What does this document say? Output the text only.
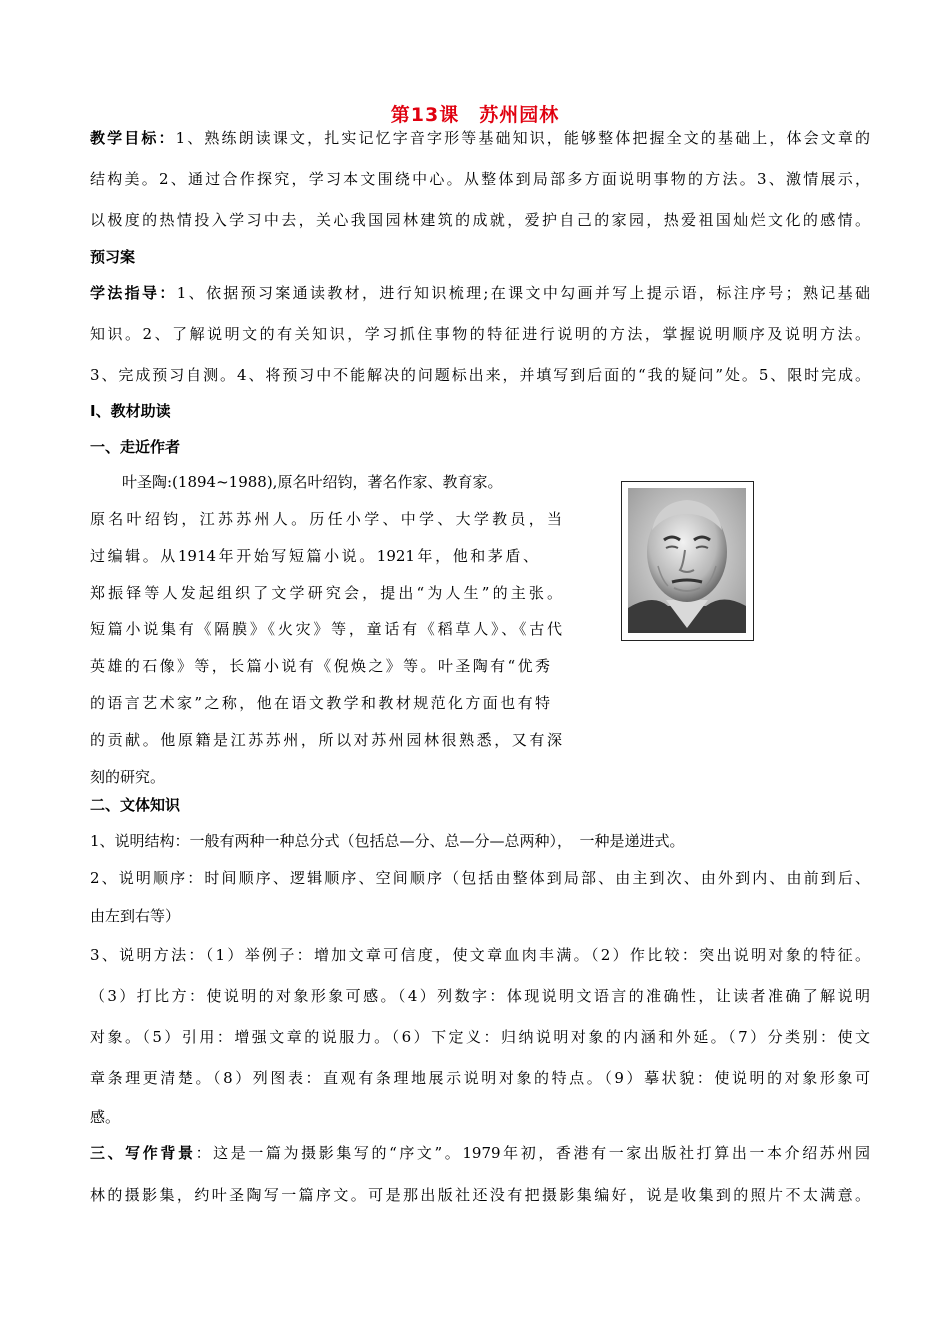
第13课　苏州园林
教学目标：1、熟练朗读课文，扎实记忆字音字形等基础知识，能够整体把握全文的基础上，体会文章的
结构美。2、通过合作探究，学习本文围绕中心。从整体到局部多方面说明事物的方法。3、激情展示，
以极度的热情投入学习中去，关心我国园林建筑的成就，爱护自己的家园，热爱祖国灿烂文化的感情。
预习案
学法指导：1、依据预习案通读教材，进行知识梳理;在课文中勾画并写上提示语，标注序号；熟记基础
知识。2、了解说明文的有关知识，学习抓住事物的特征进行说明的方法，掌握说明顺序及说明方法。
3、完成预习自测。4、将预习中不能解决的问题标出来，并填写到后面的“我的疑问”处。5、限时完成。
Ⅰ、教材助读
一、走近作者
叶圣陶:(1894~1988),原名叶绍钧，著名作家、教育家。
原名叶绍钧，江苏苏州人。历任小学、中学、大学教员，当
过编辑。从1914年开始写短篇小说。1921年，他和茅盾、
郑振铎等人发起组织了文学研究会，提出“为人生”的主张。
短篇小说集有《隔膜》《火灾》等，童话有《稻草人》、《古代
英雄的石像》等，长篇小说有《倪焕之》等。叶圣陶有“优秀
的语言艺术家”之称，他在语文教学和教材规范化方面也有特
的贡献。他原籍是江苏苏州，所以对苏州园林很熟悉，又有深
刻的研究。
二、文体知识
1、说明结构：一般有两种一种总分式（包括总—分、总—分—总两种），　一种是递进式。
2、说明顺序：时间顺序、逻辑顺序、空间顺序（包括由整体到局部、由主到次、由外到内、由前到后、
由左到右等）
3、说明方法：（1）举例子：增加文章可信度，使文章血肉丰满。（2）作比较：突出说明对象的特征。
（3）打比方：使说明的对象形象可感。（4）列数字：体现说明文语言的准确性，让读者准确了解说明
对象。（5）引用：增强文章的说服力。（6）下定义：归纳说明对象的内涵和外延。（7）分类别：使文
章条理更清楚。（8）列图表：直观有条理地展示说明对象的特点。（9）摹状貌：使说明的对象形象可
感。
三、写作背景：这是一篇为摄影集写的“序文”。1979年初，香港有一家出版社打算出一本介绍苏州园
林的摄影集，约叶圣陶写一篇序文。可是那出版社还没有把摄影集编好，说是收集到的照片不太满意。
